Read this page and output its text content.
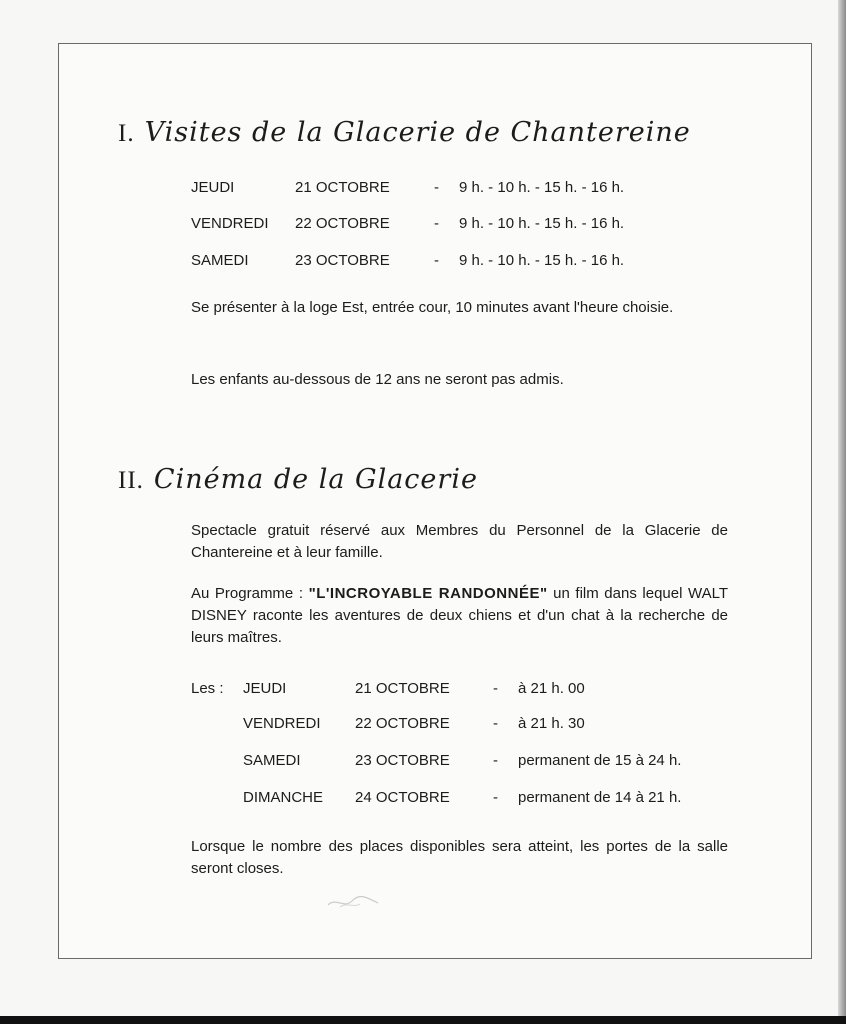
I. Visites de la Glacerie de Chantereine
JEUDI	21 OCTOBRE	- 9 h. - 10 h. - 15 h. - 16 h.
VENDREDI 22 OCTOBRE	- 9 h. - 10 h. - 15 h. - 16 h.
SAMEDI	23 OCTOBRE	- 9 h. - 10 h. - 15 h. - 16 h.
Se présenter à la loge Est, entrée cour, 10 minutes avant l'heure choisie.
Les enfants au-dessous de 12 ans ne seront pas admis.
II. Cinéma de la Glacerie
Spectacle gratuit réservé aux Membres du Personnel de la Glacerie de Chantereine et à leur famille.
Au Programme : "L'INCROYABLE RANDONNÉE" un film dans lequel WALT DISNEY raconte les aventures de deux chiens et d'un chat à la recherche de leurs maîtres.
Les : JEUDI	21 OCTOBRE	- à 21 h. 00
VENDREDI 22 OCTOBRE	- à 21 h. 30
SAMEDI	23 OCTOBRE	- permanent de 15 à 24 h.
DIMANCHE 24 OCTOBRE	- permanent de 14 à 21 h.
Lorsque le nombre des places disponibles sera atteint, les portes de la salle seront closes.
